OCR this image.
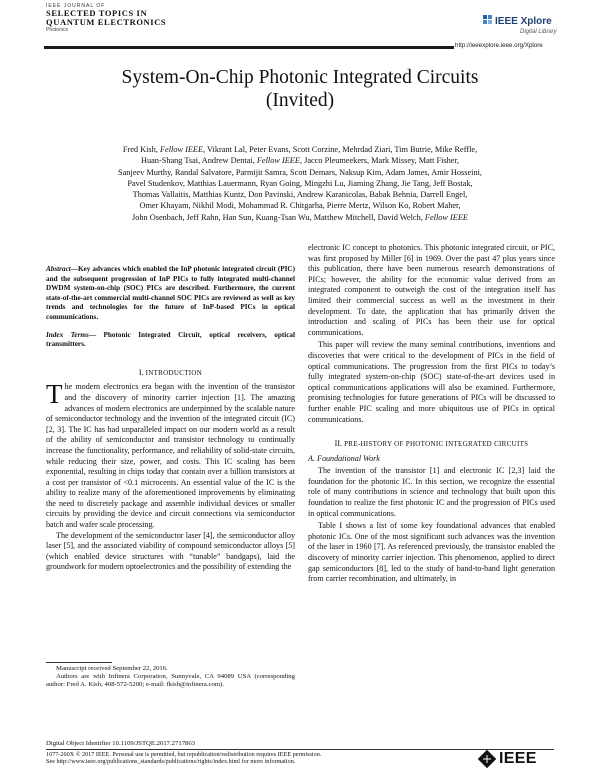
IEEE JOURNAL OF
SELECTED TOPICS IN
QUANTUM ELECTRONICS
Photonics
IEEE Xplore
Digital Library
http://ieeexplore.ieee.org/Xplore
System-On-Chip Photonic Integrated Circuits
(Invited)
Fred Kish, Fellow IEEE, Vikrant Lal, Peter Evans, Scott Corzine, Mehrdad Ziari, Tim Butrie, Mike Reffle,
Huan-Shang Tsai, Andrew Dentai, Fellow IEEE, Jacco Pleumeekers, Mark Missey, Matt Fisher,
Sanjeev Murthy, Randal Salvatore, Parmijit Samra, Scott Demars, Naksup Kim, Adam James, Amir Hosseini,
Pavel Studenkov, Matthias Lauermann, Ryan Going, Mingzhi Lu, Jiaming Zhang, Jie Tang, Jeff Bostak,
Thomas Vallaitis, Matthias Kuntz, Don Pavinski, Andrew Karanicolas, Babak Behnia, Darrell Engel,
Omer Khayam, Nikhil Modi, Mohammad R. Chitgarha, Pierre Mertz, Wilson Ko, Robert Maher,
John Osenbach, Jeff Rahn, Han Sun, Kuang-Tsan Wu, Matthew Mitchell, David Welch, Fellow IEEE
Abstract—Key advances which enabled the InP photonic integrated circuit (PIC) and the subsequent progression of InP PICs to fully integrated multi-channel DWDM system-on-chip (SOC) PICs are described. Furthermore, the current state-of-the-art commercial multi-channel SOC PICs are reviewed as well as key trends and technologies for the future of InP-based PICs in optical communications.
Index Terms— Photonic Integrated Circuit, optical receivers, optical transmitters.
I. INTRODUCTION

The modern electronics era began with the invention of the transistor and the discovery of minority carrier injection [1]. The amazing advances of modern electronics are underpinned by the scalable nature of semiconductor technology and the invention of the integrated circuit (IC) [2, 3]. The IC has had unparalleled impact on our modern world as a result of the ability of semiconductor and transistor technology to continually increase the functionality, performance, and reliability of solid-state circuits, while reducing their size, power, and costs. This IC scaling has been exponential, resulting in chips today that contain over a billion transistors at a cost per transistor of <0.1 microcents. An essential value of the IC is the ability to realize many of the aforementioned improvements by eliminating the need to discretely package and assemble individual devices or smaller circuits by providing the device and circuit connections via semiconductor batch and wafer scale processing.

The development of the semiconductor laser [4], the semiconductor alloy laser [5], and the associated viability of compound semiconductor alloys [5] (which enabled device structures with “tunable” bandgaps), laid the groundwork for modern optoelectronics and the possibility of extending the

electronic IC concept to photonics. This photonic integrated circuit, or PIC, was first proposed by Miller [6] in 1969. Over the past 47 plus years since this publication, there have been numerous research demonstrations of PICs; however, the ability for the economic value derived from an integrated component to outweigh the cost of the integration itself has limited their commercial success as well as the investment in their development. To date, the application that has primarily driven the introduction and scaling of PICs has been their use for optical communications.

This paper will review the many seminal contributions, inventions and discoveries that were critical to the development of PICs in the field of optical communications. The progression from the first PICs to today’s fully integrated system-on-chip (SOC) state-of-the-art devices used in optical communications applications will also be examined. Furthermore, promising technologies for future generations of PICs will be discussed to further enable PIC scaling and more ubiquitous use of PICs in optical communications.

II. PRE-HISTORY OF PHOTONIC INTEGRATED CIRCUITS
A. Foundational Work

The invention of the transistor [1] and electronic IC [2,3] laid the foundation for the photonic IC. In this section, we recognize the essential role of many contributions in science and technology that built upon this foundation to realize the first photonic IC and the progression of PICs used in optical communications.

Table I shows a list of some key foundational advances that enabled photonic ICs. One of the most significant such advances was the invention of the laser in 1960 [7]. As referenced previously, the transistor enabled the discovery of minority carrier injection. This phenomenon, applied to direct gap semiconductors [8], led to the study of band-to-band light generation from carrier recombination, and ultimately, in

Manuscript received September 22, 2016.

Authors are with Infinera Corporation, Sunnyvale, CA 94089 USA (corresponding author: Fred A. Kish; 408-572-5200; e-mail: fkish@infinera.com).

Digital Object Identifier 10.1109/JSTQE.2017.2717863
1077-260X © 2017 IEEE. Personal use is permitted, but republication/redistribution requires IEEE permission.
See http://www.ieee.org/publications_standards/publications/rights/index.html for more information.	IEEE
